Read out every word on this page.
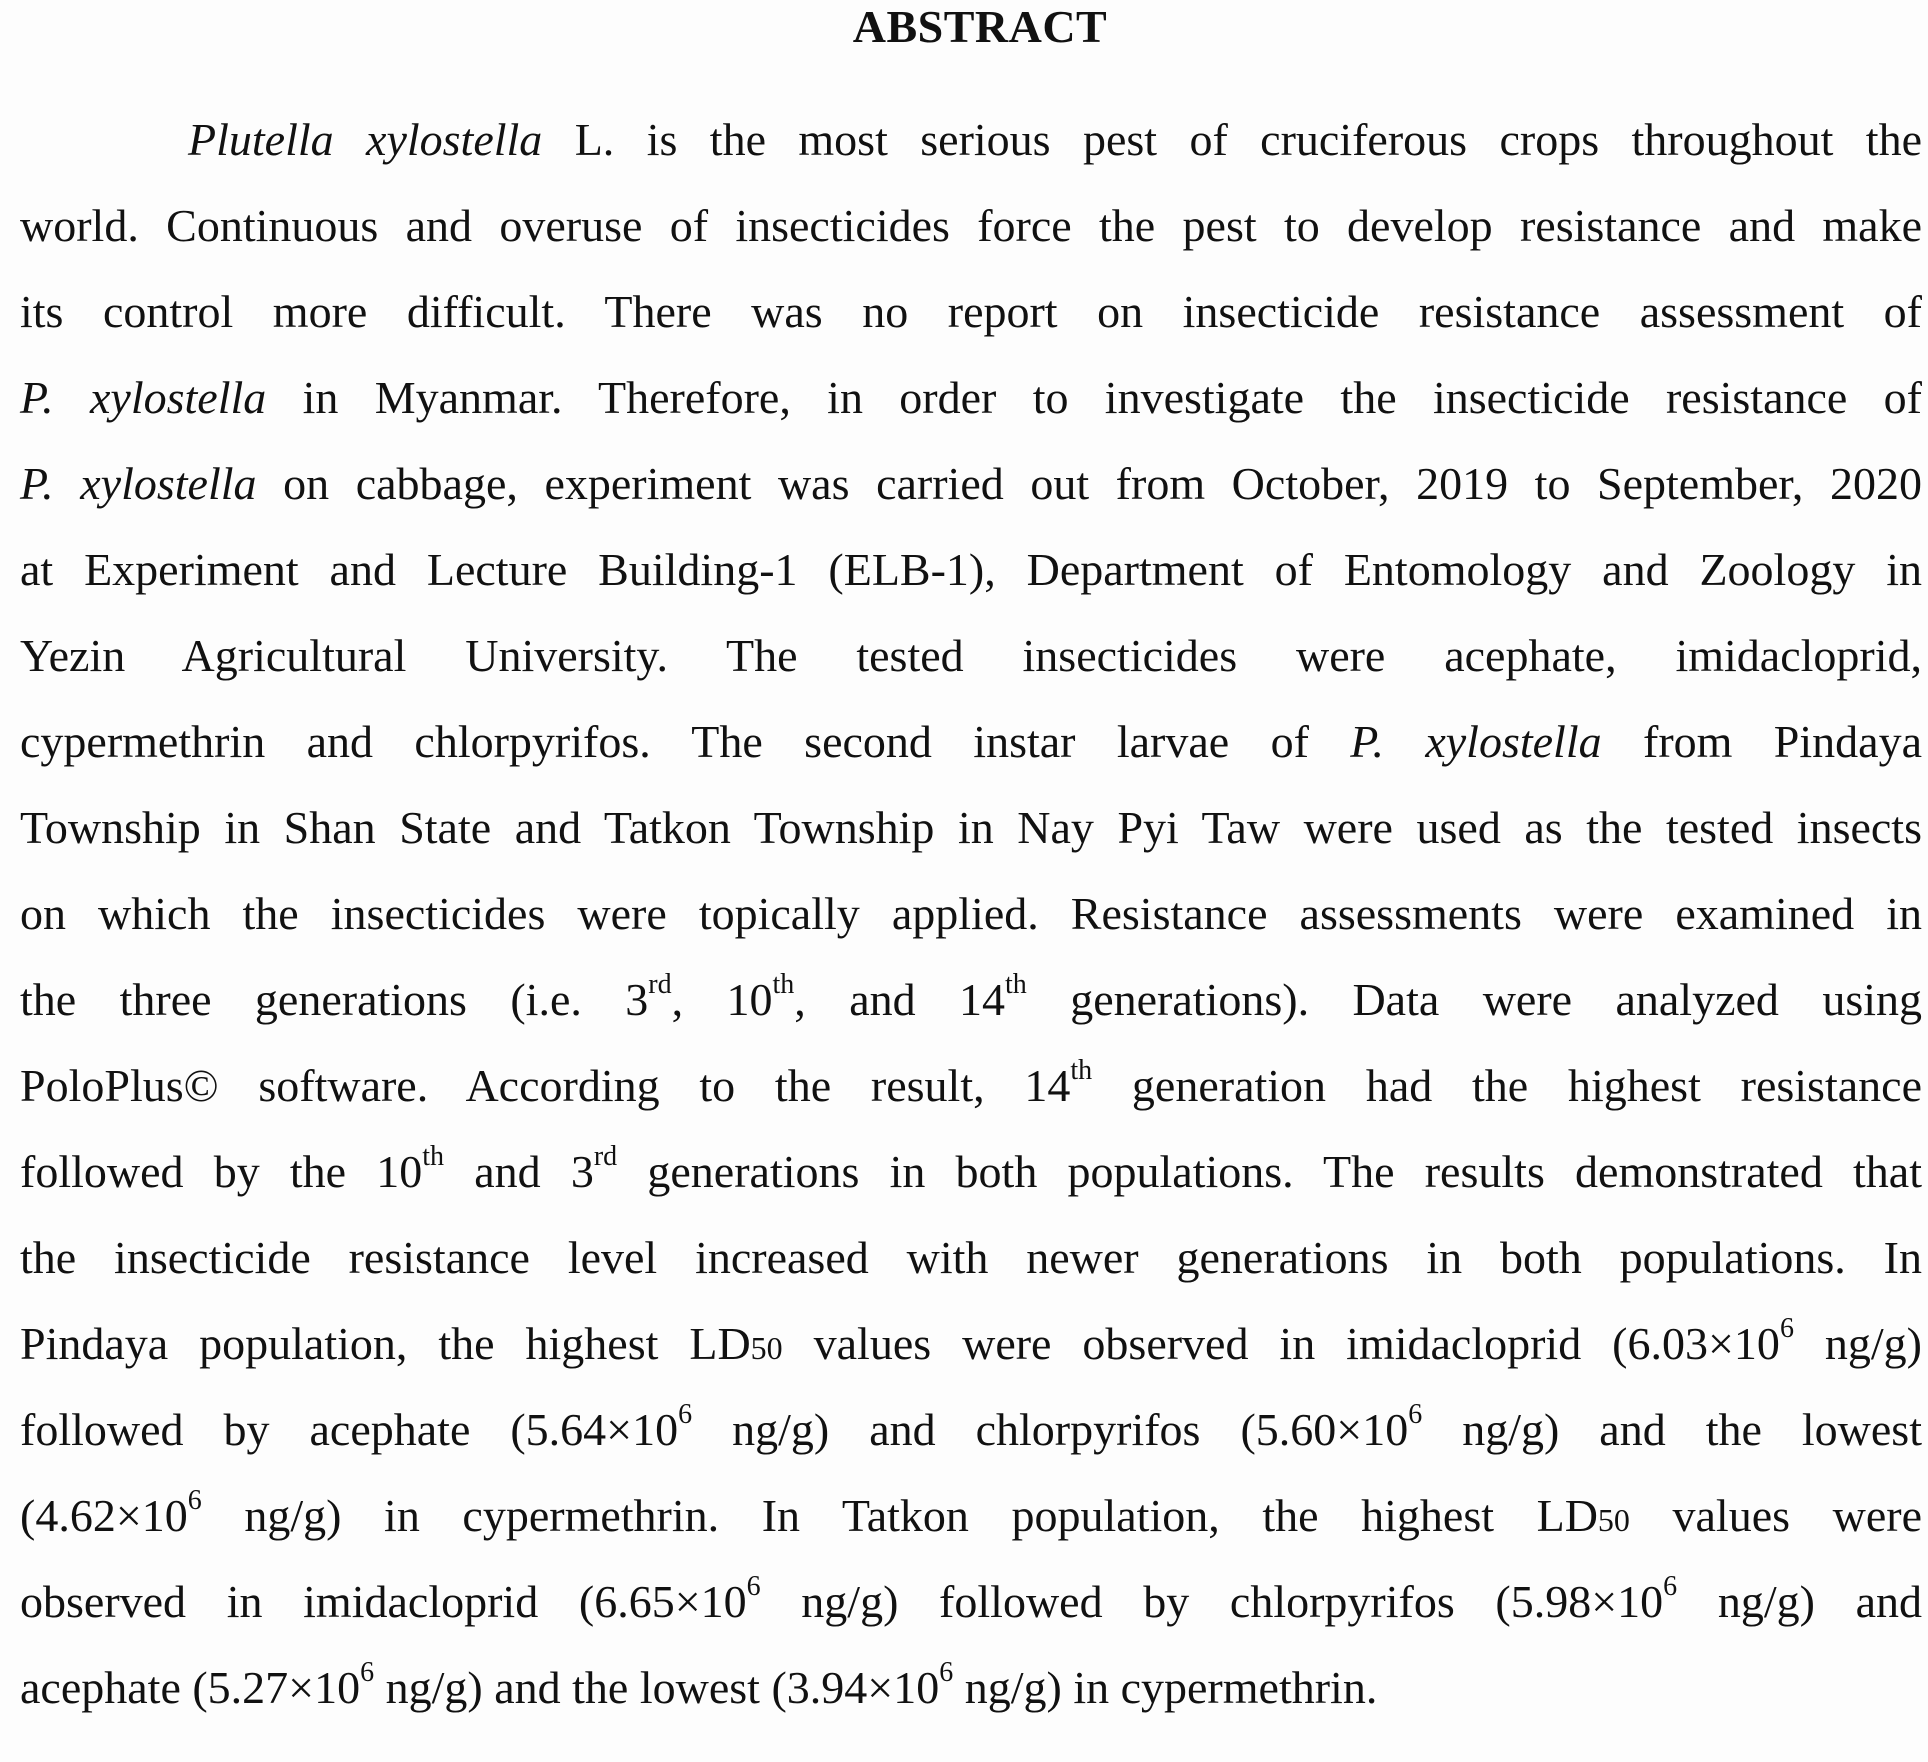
ABSTRACT
Plutella xylostella L. is the most serious pest of cruciferous crops throughout the
world. Continuous and overuse of insecticides force the pest to develop resistance and make
its control more difficult. There was no report on insecticide resistance assessment of
P. xylostella in Myanmar. Therefore, in order to investigate the insecticide resistance of
P. xylostella on cabbage, experiment was carried out from October, 2019 to September, 2020
at Experiment and Lecture Building-1 (ELB-1), Department of Entomology and Zoology in
Yezin Agricultural University. The tested insecticides were acephate, imidacloprid,
cypermethrin and chlorpyrifos. The second instar larvae of P. xylostella from Pindaya
Township in Shan State and Tatkon Township in Nay Pyi Taw were used as the tested insects
on which the insecticides were topically applied. Resistance assessments were examined in
the three generations (i.e. 3rd, 10th, and 14th generations). Data were analyzed using
PoloPlus© software. According to the result, 14th generation had the highest resistance
followed by the 10th and 3rd generations in both populations. The results demonstrated that
the insecticide resistance level increased with newer generations in both populations. In
Pindaya population, the highest LD50 values were observed in imidacloprid ($6.03\times 10^6$ ng/g)
followed by acephate ($5.64\times 10^6$ ng/g) and chlorpyrifos ($5.60\times 10^6$ ng/g) and the lowest
($4.62\times 10^6$ ng/g) in cypermethrin. In Tatkon population, the highest LD50 values were
observed in imidacloprid ($6.65\times 10^6$ ng/g) followed by chlorpyrifos ($5.98\times 10^6$ ng/g) and
acephate ($5.27\times 10^6$ ng/g) and the lowest ($3.94\times 10^6$ ng/g) in cypermethrin.
